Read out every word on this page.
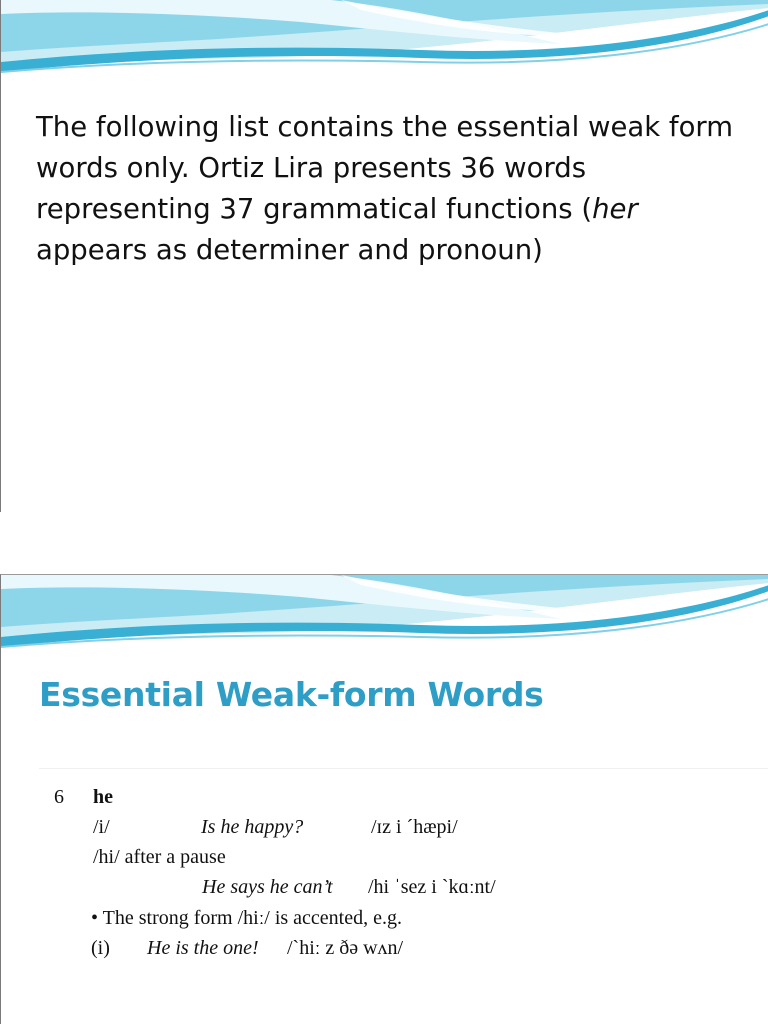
The following list contains the essential weak form words only. Ortiz Lira presents 36 words representing 37 grammatical functions (her appears as determiner and pronoun)

Essential Weak-form Words
6 he
/i/	Is he happy?	/ɪz i ˊhæpi/
/hi/ after a pause
He says he can’t /hi ˈsez i ˋkɑːnt/
• The strong form /hiː/ is accented, e.g.
(i) He is the one! /ˋhiː z ðə wʌn/
